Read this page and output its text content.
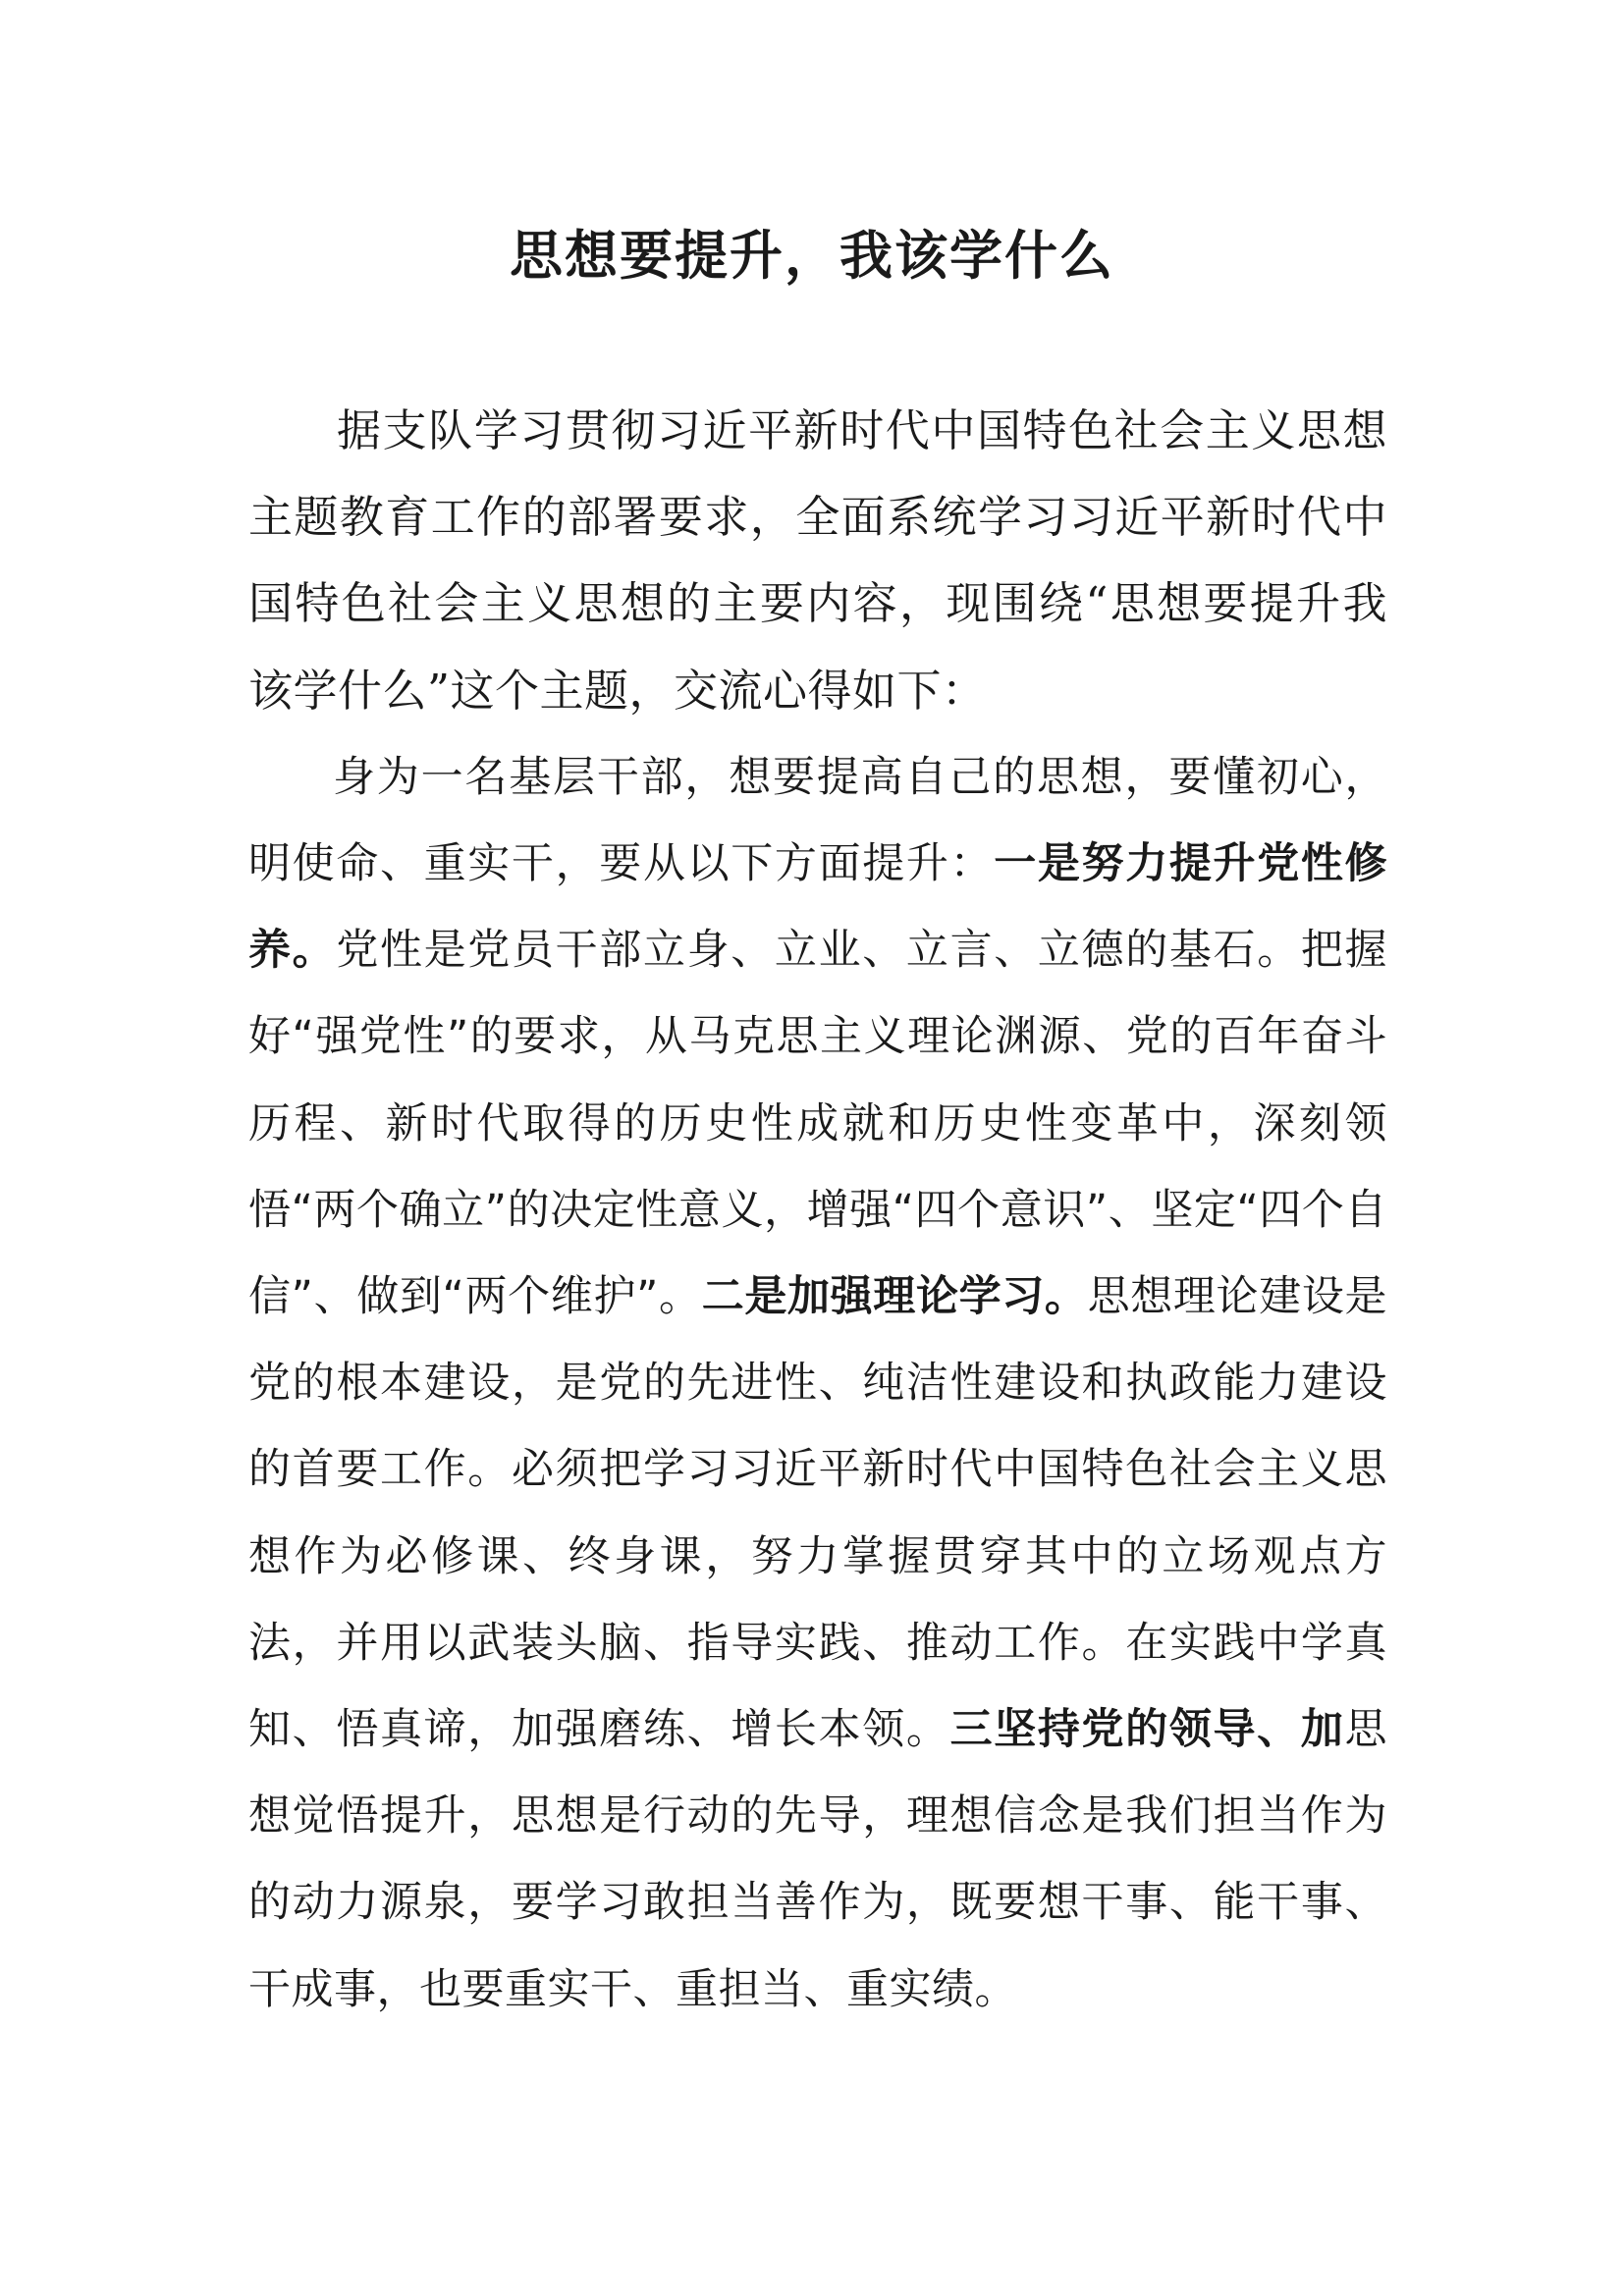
思想要提升，我该学什么

据支队学习贯彻习近平新时代中国特色社会主义思想主题教育工作的部署要求，全面系统学习习近平新时代中国特色社会主义思想的主要内容，现围绕“思想要提升我该学什么”这个主题，交流心得如下：

身为一名基层干部，想要提高自己的思想，要懂初心，明使命、重实干，要从以下方面提升：一是努力提升党性修养。党性是党员干部立身、立业、立言、立德的基石。把握好“强党性”的要求，从马克思主义理论渊源、党的百年奋斗历程、新时代取得的历史性成就和历史性变革中，深刻领悟“两个确立”的决定性意义，增强“四个意识”、坚定“四个自信”、做到“两个维护”。二是加强理论学习。思想理论建设是党的根本建设，是党的先进性、纯洁性建设和执政能力建设的首要工作。必须把学习习近平新时代中国特色社会主义思想作为必修课、终身课，努力掌握贯穿其中的立场观点方法，并用以武装头脑、指导实践、推动工作。在实践中学真知、悟真谛，加强磨练、增长本领。三坚持党的领导、加思想觉悟提升，思想是行动的先导，理想信念是我们担当作为的动力源泉，要学习敢担当善作为，既要想干事、能干事、干成事，也要重实干、重担当、重实绩。
